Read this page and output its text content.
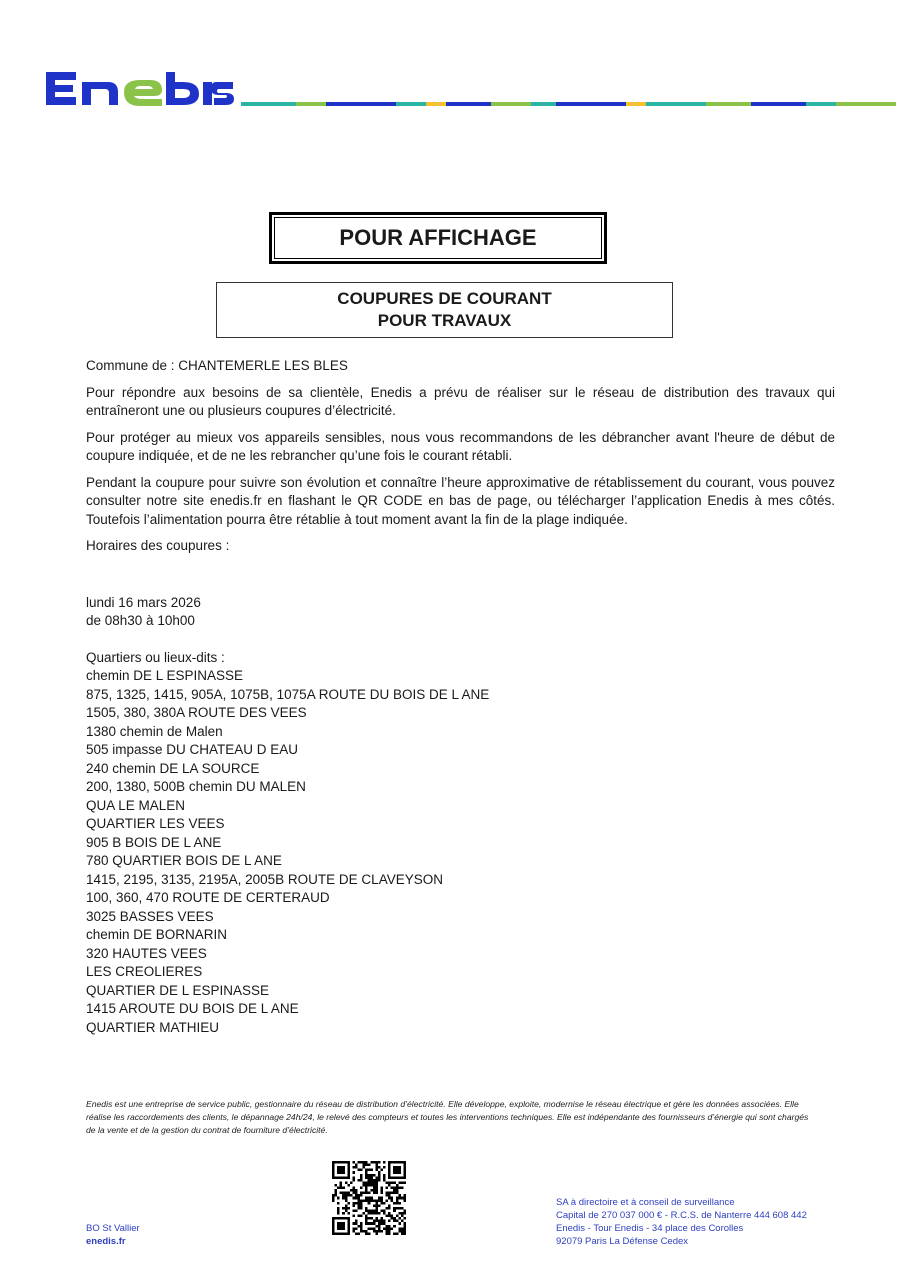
POUR AFFICHAGE
COUPURES DE COURANT
POUR TRAVAUX

Commune de : CHANTEMERLE LES BLES

Pour répondre aux besoins de sa clientèle, Enedis a prévu de réaliser sur le réseau de distribution des travaux qui entraîneront une ou plusieurs coupures d’électricité.

Pour protéger au mieux vos appareils sensibles, nous vous recommandons de les débrancher avant l'heure de début de coupure indiquée, et de ne les rebrancher qu’une fois le courant rétabli.

Pendant la coupure pour suivre son évolution et connaître l’heure approximative de rétablissement du courant, vous pouvez consulter notre site enedis.fr en flashant le QR CODE en bas de page, ou télécharger l’application Enedis à mes côtés. Toutefois l’alimentation pourra être rétablie à tout moment avant la fin de la plage indiquée.

Horaires des coupures :

lundi 16 mars 2026
de 08h30 à 10h00
Quartiers ou lieux-dits :
chemin DE L ESPINASSE
875, 1325, 1415, 905A, 1075B, 1075A ROUTE DU BOIS DE L ANE
1505, 380, 380A ROUTE DES VEES
1380 chemin de Malen
505 impasse DU CHATEAU D EAU
240 chemin DE LA SOURCE
200, 1380, 500B chemin DU MALEN
QUA LE MALEN
QUARTIER LES VEES
905 B BOIS DE L ANE
780 QUARTIER BOIS DE L ANE
1415, 2195, 3135, 2195A, 2005B ROUTE DE CLAVEYSON
100, 360, 470 ROUTE DE CERTERAUD
3025 BASSES VEES
chemin DE BORNARIN
320 HAUTES VEES
LES CREOLIERES
QUARTIER DE L ESPINASSE
1415 AROUTE DU BOIS DE L ANE
QUARTIER MATHIEU
Enedis est une entreprise de service public, gestionnaire du réseau de distribution d’électricité. Elle développe, exploite, modernise le réseau électrique et gère les données associées. Elle réalise les raccordements des clients, le dépannage 24h/24, le relevé des compteurs et toutes les interventions techniques. Elle est indépendante des fournisseurs d’énergie qui sont chargés de la vente et de la gestion du contrat de fourniture d’électricité.
BO St Vallier
enedis.fr
SA à directoire et à conseil de surveillance
Capital de 270 037 000 € - R.C.S. de Nanterre 444 608 442
Enedis - Tour Enedis - 34 place des Corolles
92079 Paris La Défense Cedex
